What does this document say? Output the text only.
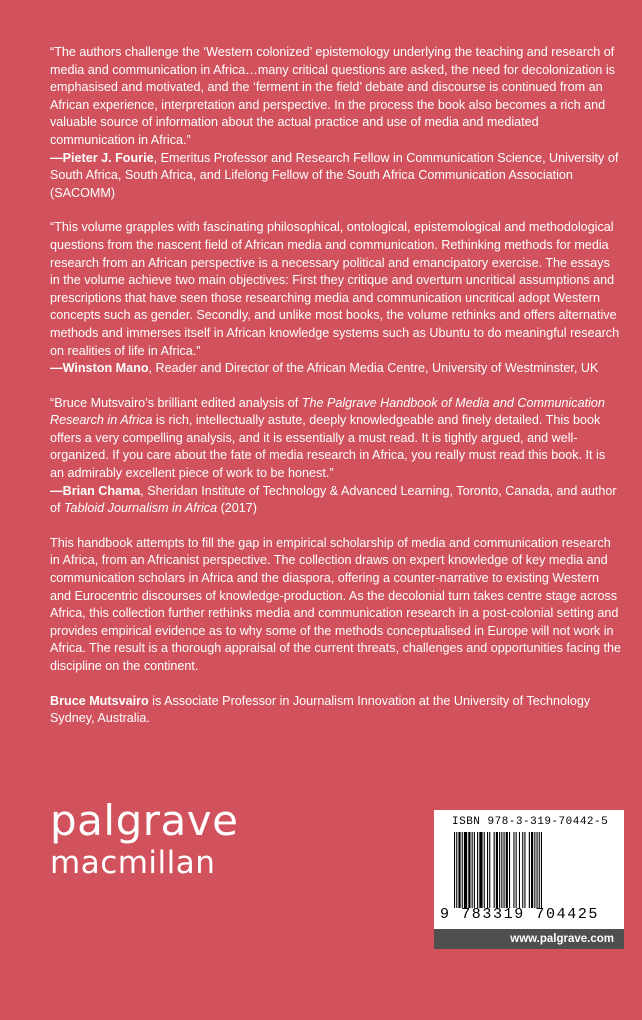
“The authors challenge the ‘Western colonized’ epistemology underlying the teaching and research of media and communication in Africa…many critical questions are asked, the need for decolonization is emphasised and motivated, and the ‘ferment in the field’ debate and discourse is continued from an African experience, interpretation and perspective. In the process the book also becomes a rich and valuable source of information about the actual practice and use of media and mediated communication in Africa.”

—Pieter J. Fourie, Emeritus Professor and Research Fellow in Communication Science, University of South Africa, South Africa, and Lifelong Fellow of the South Africa Communication Association (SACOMM)

“This volume grapples with fascinating philosophical, ontological, epistemological and methodological questions from the nascent field of African media and communication. Rethinking methods for media research from an African perspective is a necessary political and emancipatory exercise. The essays in the volume achieve two main objectives: First they critique and overturn uncritical assumptions and prescriptions that have seen those researching media and communication uncritical adopt Western concepts such as gender. Secondly, and unlike most books, the volume rethinks and offers alternative methods and immerses itself in African knowledge systems such as Ubuntu to do meaningful research on realities of life in Africa.”

—Winston Mano, Reader and Director of the African Media Centre, University of Westminster, UK

“Bruce Mutsvairo’s brilliant edited analysis of The Palgrave Handbook of Media and Communication Research in Africa is rich, intellectually astute, deeply knowledgeable and finely detailed. This book offers a very compelling analysis, and it is essentially a must read. It is tightly argued, and well-organized. If you care about the fate of media research in Africa, you really must read this book. It is an admirably excellent piece of work to be honest.”

—Brian Chama, Sheridan Institute of Technology & Advanced Learning, Toronto, Canada, and author of Tabloid Journalism in Africa (2017)

This handbook attempts to fill the gap in empirical scholarship of media and communication research in Africa, from an Africanist perspective. The collection draws on expert knowledge of key media and communication scholars in Africa and the diaspora, offering a counter-narrative to existing Western and Eurocentric discourses of knowledge-production. As the decolonial turn takes centre stage across Africa, this collection further rethinks media and communication research in a post-colonial setting and provides empirical evidence as to why some of the methods conceptualised in Europe will not work in Africa. The result is a thorough appraisal of the current threats, challenges and opportunities facing the discipline on the continent.

Bruce Mutsvairo is Associate Professor in Journalism Innovation at the University of Technology Sydney, Australia.

palgrave
macmillan
ISBN 978-3-319-70442-5
9 783319 704425
www.palgrave.com
